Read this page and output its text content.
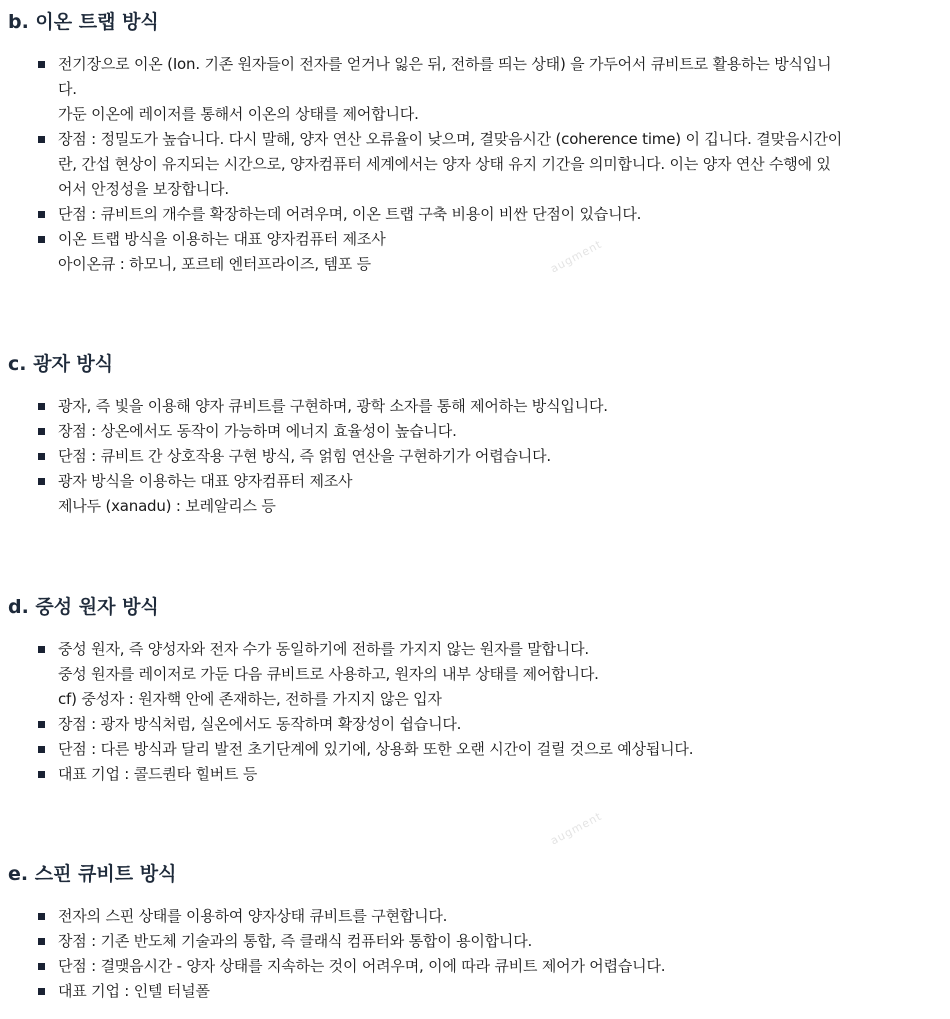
b. 이온 트랩 방식
전기장으로 이온 (Ion. 기존 원자들이 전자를 얻거나 잃은 뒤, 전하를 띄는 상태) 을 가두어서 큐비트로 활용하는 방식입니
다.
가둔 이온에 레이저를 통해서 이온의 상태를 제어합니다.
장점 : 정밀도가 높습니다. 다시 말해, 양자 연산 오류율이 낮으며, 결맞음시간 (coherence time) 이 깁니다. 결맞음시간이
란, 간섭 현상이 유지되는 시간으로, 양자컴퓨터 세계에서는 양자 상태 유지 기간을 의미합니다. 이는 양자 연산 수행에 있
어서 안정성을 보장합니다.
단점 : 큐비트의 개수를 확장하는데 어려우며, 이온 트랩 구축 비용이 비싼 단점이 있습니다.
이온 트랩 방식을 이용하는 대표 양자컴퓨터 제조사
아이온큐 : 하모니, 포르테 엔터프라이즈, 템포 등
c. 광자 방식
광자, 즉 빛을 이용해 양자 큐비트를 구현하며, 광학 소자를 통해 제어하는 방식입니다.
장점 : 상온에서도 동작이 가능하며 에너지 효율성이 높습니다.
단점 : 큐비트 간 상호작용 구현 방식, 즉 얽힘 연산을 구현하기가 어렵습니다.
광자 방식을 이용하는 대표 양자컴퓨터 제조사
제나두 (xanadu) : 보레알리스 등
d. 중성 원자 방식
중성 원자, 즉 양성자와 전자 수가 동일하기에 전하를 가지지 않는 원자를 말합니다.
중성 원자를 레이저로 가둔 다음 큐비트로 사용하고, 원자의 내부 상태를 제어합니다.
cf) 중성자 : 원자핵 안에 존재하는, 전하를 가지지 않은 입자
장점 : 광자 방식처럼, 실온에서도 동작하며 확장성이 쉽습니다.
단점 : 다른 방식과 달리 발전 초기단계에 있기에, 상용화 또한 오랜 시간이 걸릴 것으로 예상됩니다.
대표 기업 : 콜드퀀타 힐버트 등
e. 스핀 큐비트 방식
전자의 스핀 상태를 이용하여 양자상태 큐비트를 구현합니다.
장점 : 기존 반도체 기술과의 통합, 즉 클래식 컴퓨터와 통합이 용이합니다.
단점 : 결맺음시간 - 양자 상태를 지속하는 것이 어려우며, 이에 따라 큐비트 제어가 어렵습니다.
대표 기업 : 인텔 터널폴
augment
augment
